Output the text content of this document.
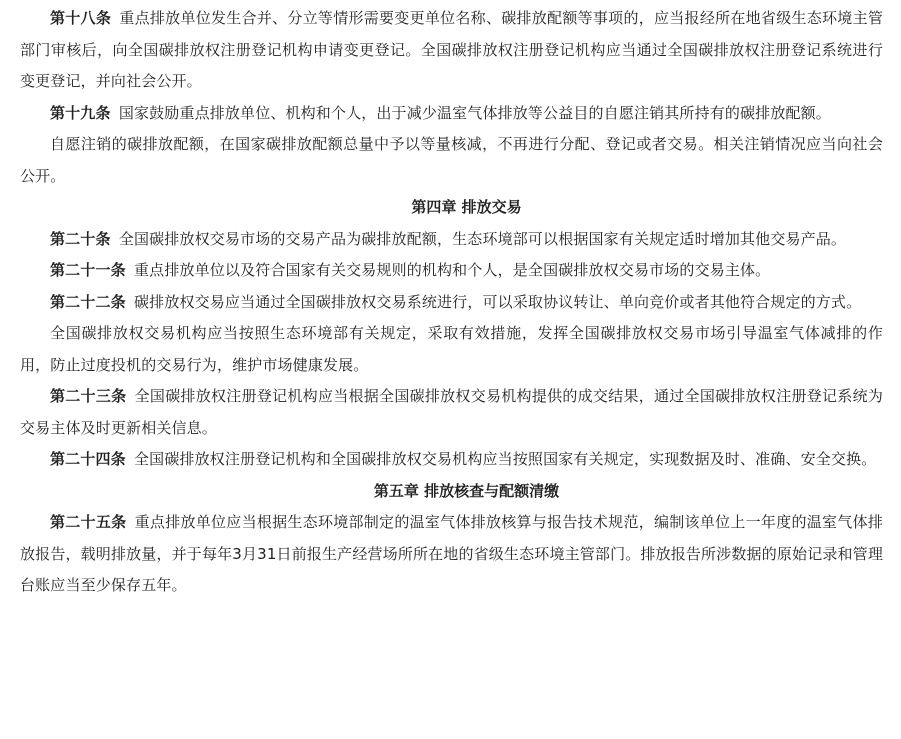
第十八条 重点排放单位发生合并、分立等情形需要变更单位名称、碳排放配额等事项的，应当报经所在地省级生态环境主管部门审核后，向全国碳排放权注册登记机构申请变更登记。全国碳排放权注册登记机构应当通过全国碳排放权注册登记系统进行变更登记，并向社会公开。

第十九条 国家鼓励重点排放单位、机构和个人，出于减少温室气体排放等公益目的自愿注销其所持有的碳排放配额。

自愿注销的碳排放配额，在国家碳排放配额总量中予以等量核减，不再进行分配、登记或者交易。相关注销情况应当向社会公开。

第四章 排放交易

第二十条 全国碳排放权交易市场的交易产品为碳排放配额，生态环境部可以根据国家有关规定适时增加其他交易产品。

第二十一条 重点排放单位以及符合国家有关交易规则的机构和个人，是全国碳排放权交易市场的交易主体。

第二十二条 碳排放权交易应当通过全国碳排放权交易系统进行，可以采取协议转让、单向竞价或者其他符合规定的方式。

全国碳排放权交易机构应当按照生态环境部有关规定，采取有效措施，发挥全国碳排放权交易市场引导温室气体减排的作用，防止过度投机的交易行为，维护市场健康发展。

第二十三条 全国碳排放权注册登记机构应当根据全国碳排放权交易机构提供的成交结果，通过全国碳排放权注册登记系统为交易主体及时更新相关信息。

第二十四条 全国碳排放权注册登记机构和全国碳排放权交易机构应当按照国家有关规定，实现数据及时、准确、安全交换。

第五章 排放核查与配额清缴

第二十五条 重点排放单位应当根据生态环境部制定的温室气体排放核算与报告技术规范，编制该单位上一年度的温室气体排放报告，载明排放量，并于每年3月31日前报生产经营场所所在地的省级生态环境主管部门。排放报告所涉数据的原始记录和管理台账应当至少保存五年。
